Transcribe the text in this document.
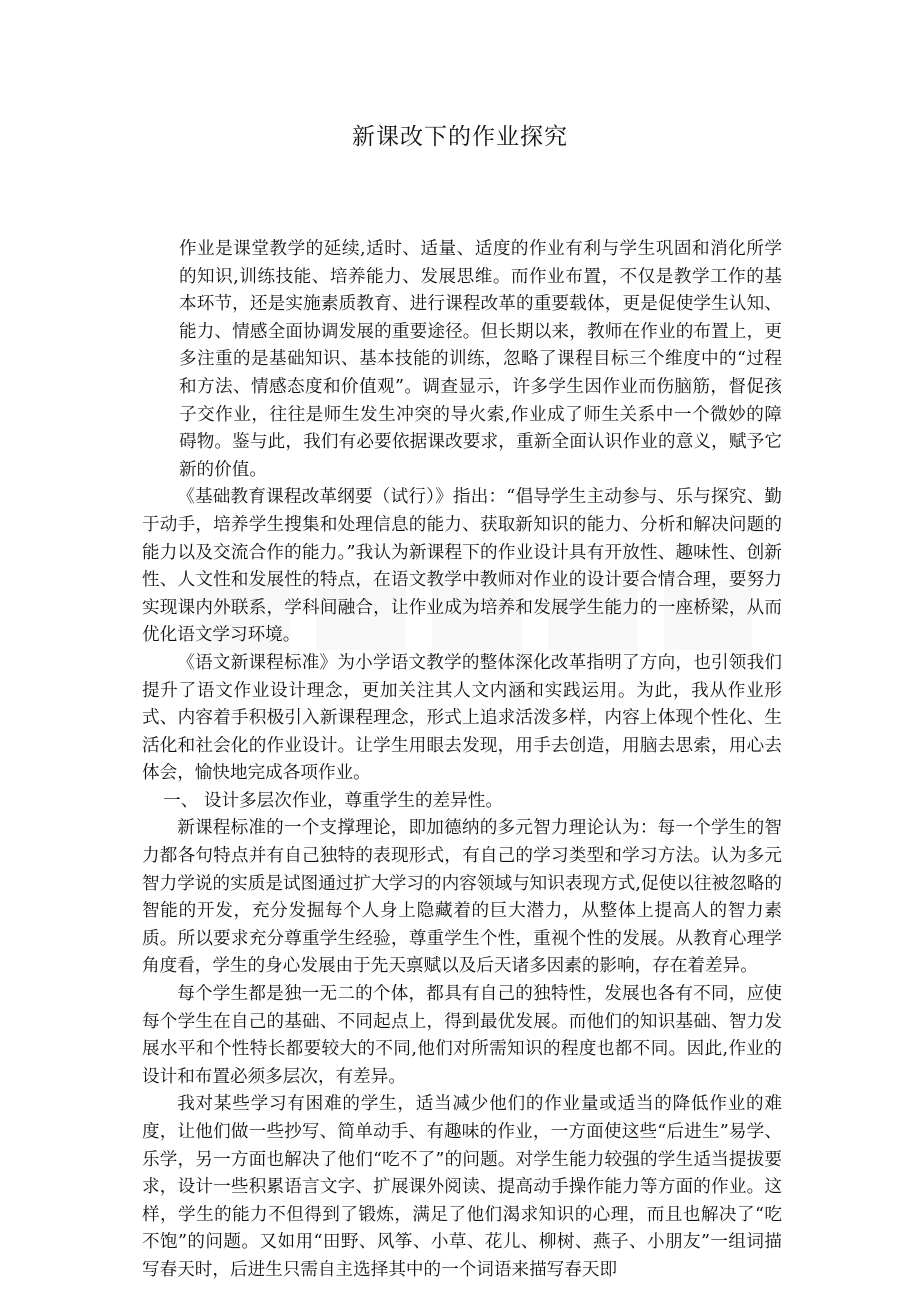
新课改下的作业探究

作业是课堂教学的延续,适时、适量、适度的作业有利与学生巩固和消化所学的知识,训练技能、培养能力、发展思维。而作业布置，不仅是教学工作的基本环节，还是实施素质教育、进行课程改革的重要载体，更是促使学生认知、能力、情感全面协调发展的重要途径。但长期以来，教师在作业的布置上，更多注重的是基础知识、基本技能的训练，忽略了课程目标三个维度中的“过程和方法、情感态度和价值观”。调查显示，许多学生因作业而伤脑筋，督促孩子交作业，往往是师生发生冲突的导火索,作业成了师生关系中一个微妙的障碍物。鉴与此，我们有必要依据课改要求，重新全面认识作业的意义，赋予它新的价值。

《基础教育课程改革纲要（试行）》指出：“倡导学生主动参与、乐与探究、勤于动手，培养学生搜集和处理信息的能力、获取新知识的能力、分析和解决问题的能力以及交流合作的能力。”我认为新课程下的作业设计具有开放性、趣味性、创新性、人文性和发展性的特点，在语文教学中教师对作业的设计要合情合理，要努力实现课内外联系，学科间融合，让作业成为培养和发展学生能力的一座桥梁，从而优化语文学习环境。

《语文新课程标准》为小学语文教学的整体深化改革指明了方向，也引领我们提升了语文作业设计理念，更加关注其人文内涵和实践运用。为此，我从作业形式、内容着手积极引入新课程理念，形式上追求活泼多样，内容上体现个性化、生活化和社会化的作业设计。让学生用眼去发现，用手去创造，用脑去思索，用心去体会，愉快地完成各项作业。

一、 设计多层次作业，尊重学生的差异性。

新课程标准的一个支撑理论，即加德纳的多元智力理论认为：每一个学生的智力都各句特点并有自己独特的表现形式，有自己的学习类型和学习方法。认为多元智力学说的实质是试图通过扩大学习的内容领域与知识表现方式,促使以往被忽略的智能的开发，充分发掘每个人身上隐藏着的巨大潜力，从整体上提高人的智力素质。所以要求充分尊重学生经验，尊重学生个性，重视个性的发展。从教育心理学角度看，学生的身心发展由于先天禀赋以及后天诸多因素的影响，存在着差异。

每个学生都是独一无二的个体，都具有自己的独特性，发展也各有不同，应使每个学生在自己的基础、不同起点上，得到最优发展。而他们的知识基础、智力发展水平和个性特长都要较大的不同,他们对所需知识的程度也都不同。因此,作业的设计和布置必须多层次，有差异。

我对某些学习有困难的学生，适当减少他们的作业量或适当的降低作业的难度，让他们做一些抄写、简单动手、有趣味的作业，一方面使这些“后进生”易学、乐学，另一方面也解决了他们“吃不了”的问题。对学生能力较强的学生适当提拔要求，设计一些积累语言文字、扩展课外阅读、提高动手操作能力等方面的作业。这样，学生的能力不但得到了锻炼，满足了他们渴求知识的心理，而且也解决了“吃不饱”的问题。又如用“田野、风筝、小草、花儿、柳树、燕子、小朋友”一组词描写春天时，后进生只需自主选择其中的一个词语来描写春天即
